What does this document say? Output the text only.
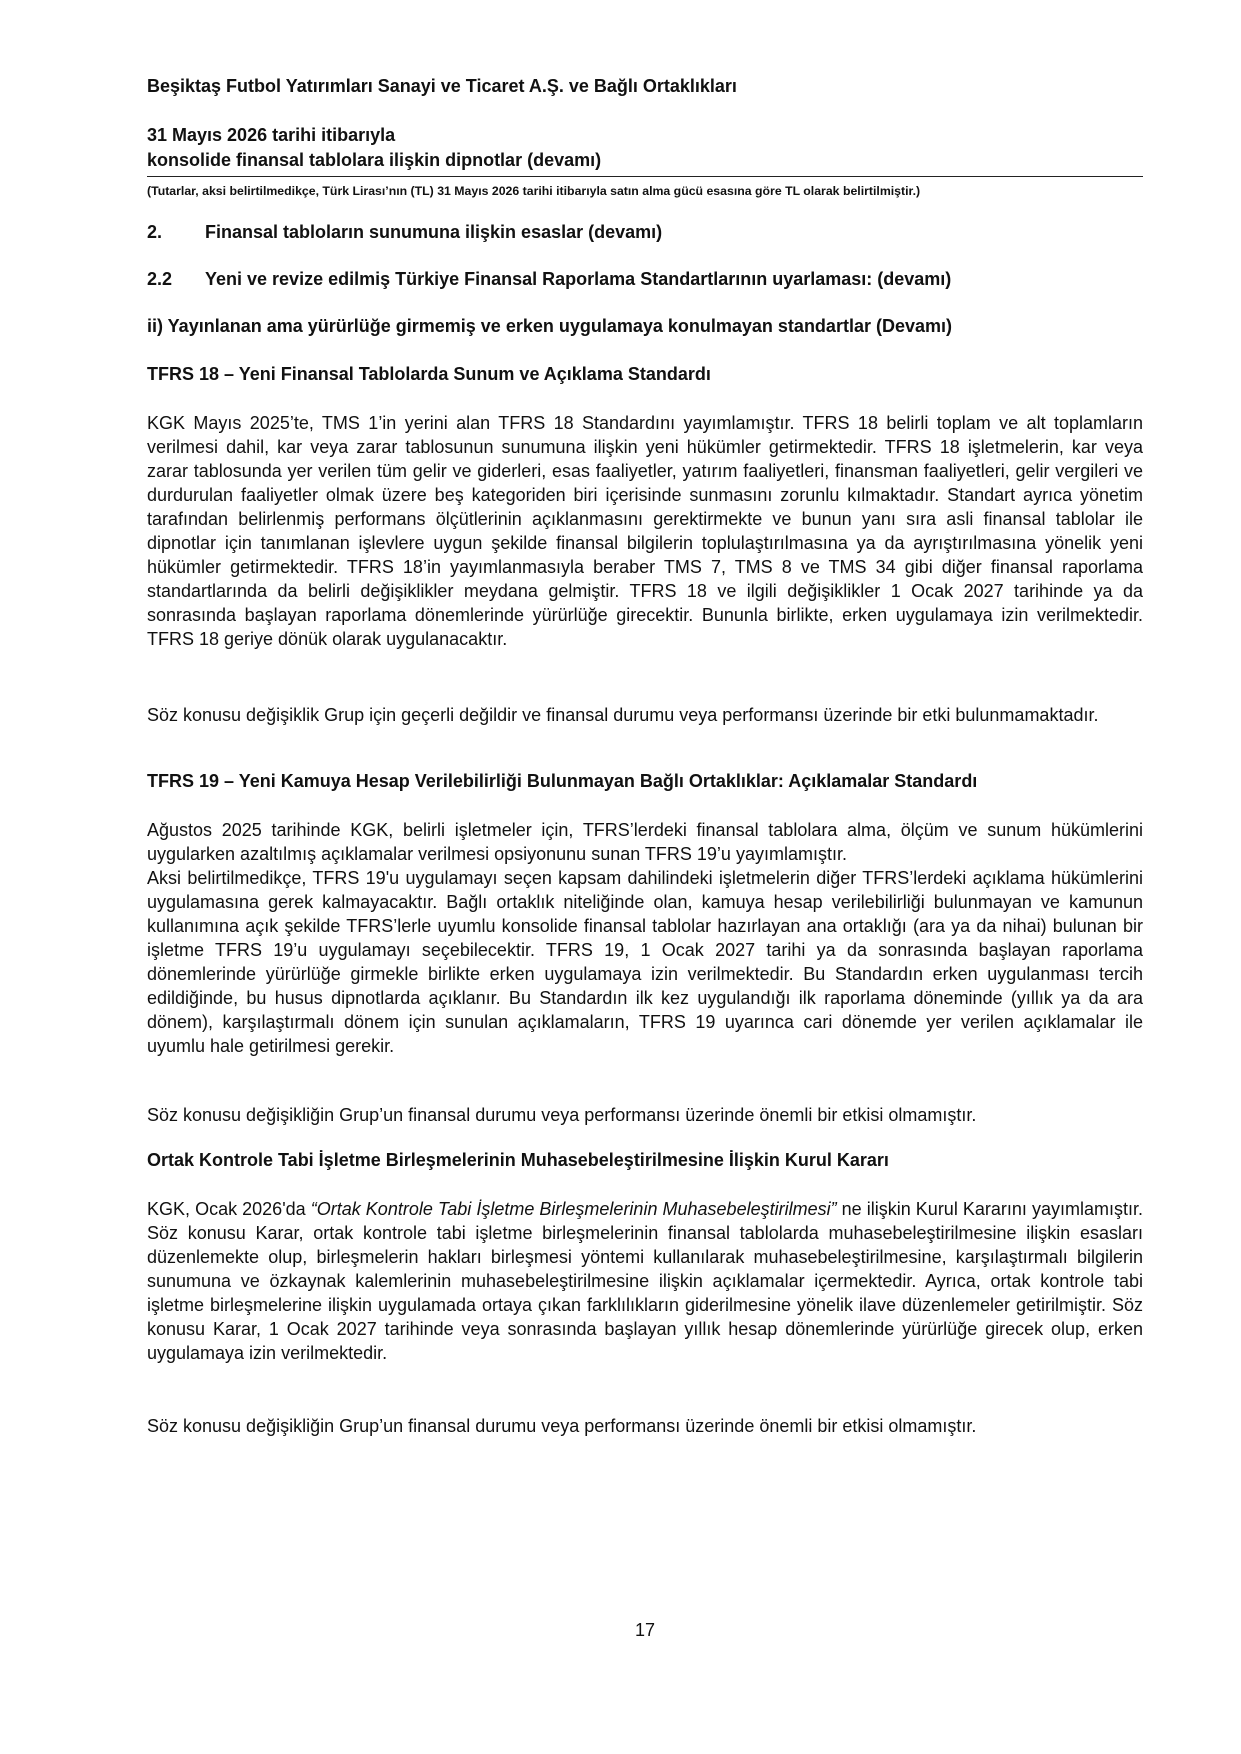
Beşiktaş Futbol Yatırımları Sanayi ve Ticaret A.Ş. ve Bağlı Ortaklıkları
31 Mayıs 2026 tarihi itibarıyla
konsolide finansal tablolara ilişkin dipnotlar (devamı)
(Tutarlar, aksi belirtilmedikçe, Türk Lirası’nın (TL) 31 Mayıs 2026 tarihi itibarıyla satın alma gücü esasına göre TL olarak belirtilmiştir.)
2. Finansal tabloların sunumuna ilişkin esaslar (devamı)
2.2 Yeni ve revize edilmiş Türkiye Finansal Raporlama Standartlarının uyarlaması: (devamı)
ii) Yayınlanan ama yürürlüğe girmemiş ve erken uygulamaya konulmayan standartlar (Devamı)
TFRS 18 – Yeni Finansal Tablolarda Sunum ve Açıklama Standardı

KGK Mayıs 2025’te, TMS 1’in yerini alan TFRS 18 Standardını yayımlamıştır. TFRS 18 belirli toplam ve alt toplamların verilmesi dahil, kar veya zarar tablosunun sunumuna ilişkin yeni hükümler getirmektedir. TFRS 18 işletmelerin, kar veya zarar tablosunda yer verilen tüm gelir ve giderleri, esas faaliyetler, yatırım faaliyetleri, finansman faaliyetleri, gelir vergileri ve durdurulan faaliyetler olmak üzere beş kategoriden biri içerisinde sunmasını zorunlu kılmaktadır. Standart ayrıca yönetim tarafından belirlenmiş performans ölçütlerinin açıklanmasını gerektirmekte ve bunun yanı sıra asli finansal tablolar ile dipnotlar için tanımlanan işlevlere uygun şekilde finansal bilgilerin toplulaştırılmasına ya da ayrıştırılmasına yönelik yeni hükümler getirmektedir. TFRS 18’in yayımlanmasıyla beraber TMS 7, TMS 8 ve TMS 34 gibi diğer finansal raporlama standartlarında da belirli değişiklikler meydana gelmiştir. TFRS 18 ve ilgili değişiklikler 1 Ocak 2027 tarihinde ya da sonrasında başlayan raporlama dönemlerinde yürürlüğe girecektir. Bununla birlikte, erken uygulamaya izin verilmektedir. TFRS 18 geriye dönük olarak uygulanacaktır.

Söz konusu değişiklik Grup için geçerli değildir ve finansal durumu veya performansı üzerinde bir etki bulunmamaktadır.

TFRS 19 – Yeni Kamuya Hesap Verilebilirliği Bulunmayan Bağlı Ortaklıklar: Açıklamalar Standardı

Ağustos 2025 tarihinde KGK, belirli işletmeler için, TFRS’lerdeki finansal tablolara alma, ölçüm ve sunum hükümlerini uygularken azaltılmış açıklamalar verilmesi opsiyonunu sunan TFRS 19’u yayımlamıştır.

Aksi belirtilmedikçe, TFRS 19'u uygulamayı seçen kapsam dahilindeki işletmelerin diğer TFRS’lerdeki açıklama hükümlerini uygulamasına gerek kalmayacaktır. Bağlı ortaklık niteliğinde olan, kamuya hesap verilebilirliği bulunmayan ve kamunun kullanımına açık şekilde TFRS’lerle uyumlu konsolide finansal tablolar hazırlayan ana ortaklığı (ara ya da nihai) bulunan bir işletme TFRS 19’u uygulamayı seçebilecektir. TFRS 19, 1 Ocak 2027 tarihi ya da sonrasında başlayan raporlama dönemlerinde yürürlüğe girmekle birlikte erken uygulamaya izin verilmektedir. Bu Standardın erken uygulanması tercih edildiğinde, bu husus dipnotlarda açıklanır. Bu Standardın ilk kez uygulandığı ilk raporlama döneminde (yıllık ya da ara dönem), karşılaştırmalı dönem için sunulan açıklamaların, TFRS 19 uyarınca cari dönemde yer verilen açıklamalar ile uyumlu hale getirilmesi gerekir.

Söz konusu değişikliğin Grup’un finansal durumu veya performansı üzerinde önemli bir etkisi olmamıştır.

Ortak Kontrole Tabi İşletme Birleşmelerinin Muhasebeleştirilmesine İlişkin Kurul Kararı

KGK, Ocak 2026'da “Ortak Kontrole Tabi İşletme Birleşmelerinin Muhasebeleştirilmesi” ne ilişkin Kurul Kararını yayımlamıştır. Söz konusu Karar, ortak kontrole tabi işletme birleşmelerinin finansal tablolarda muhasebeleştirilmesine ilişkin esasları düzenlemekte olup, birleşmelerin hakları birleşmesi yöntemi kullanılarak muhasebeleştirilmesine, karşılaştırmalı bilgilerin sunumuna ve özkaynak kalemlerinin muhasebeleştirilmesine ilişkin açıklamalar içermektedir. Ayrıca, ortak kontrole tabi işletme birleşmelerine ilişkin uygulamada ortaya çıkan farklılıkların giderilmesine yönelik ilave düzenlemeler getirilmiştir. Söz konusu Karar, 1 Ocak 2027 tarihinde veya sonrasında başlayan yıllık hesap dönemlerinde yürürlüğe girecek olup, erken uygulamaya izin verilmektedir.

Söz konusu değişikliğin Grup’un finansal durumu veya performansı üzerinde önemli bir etkisi olmamıştır.

17
